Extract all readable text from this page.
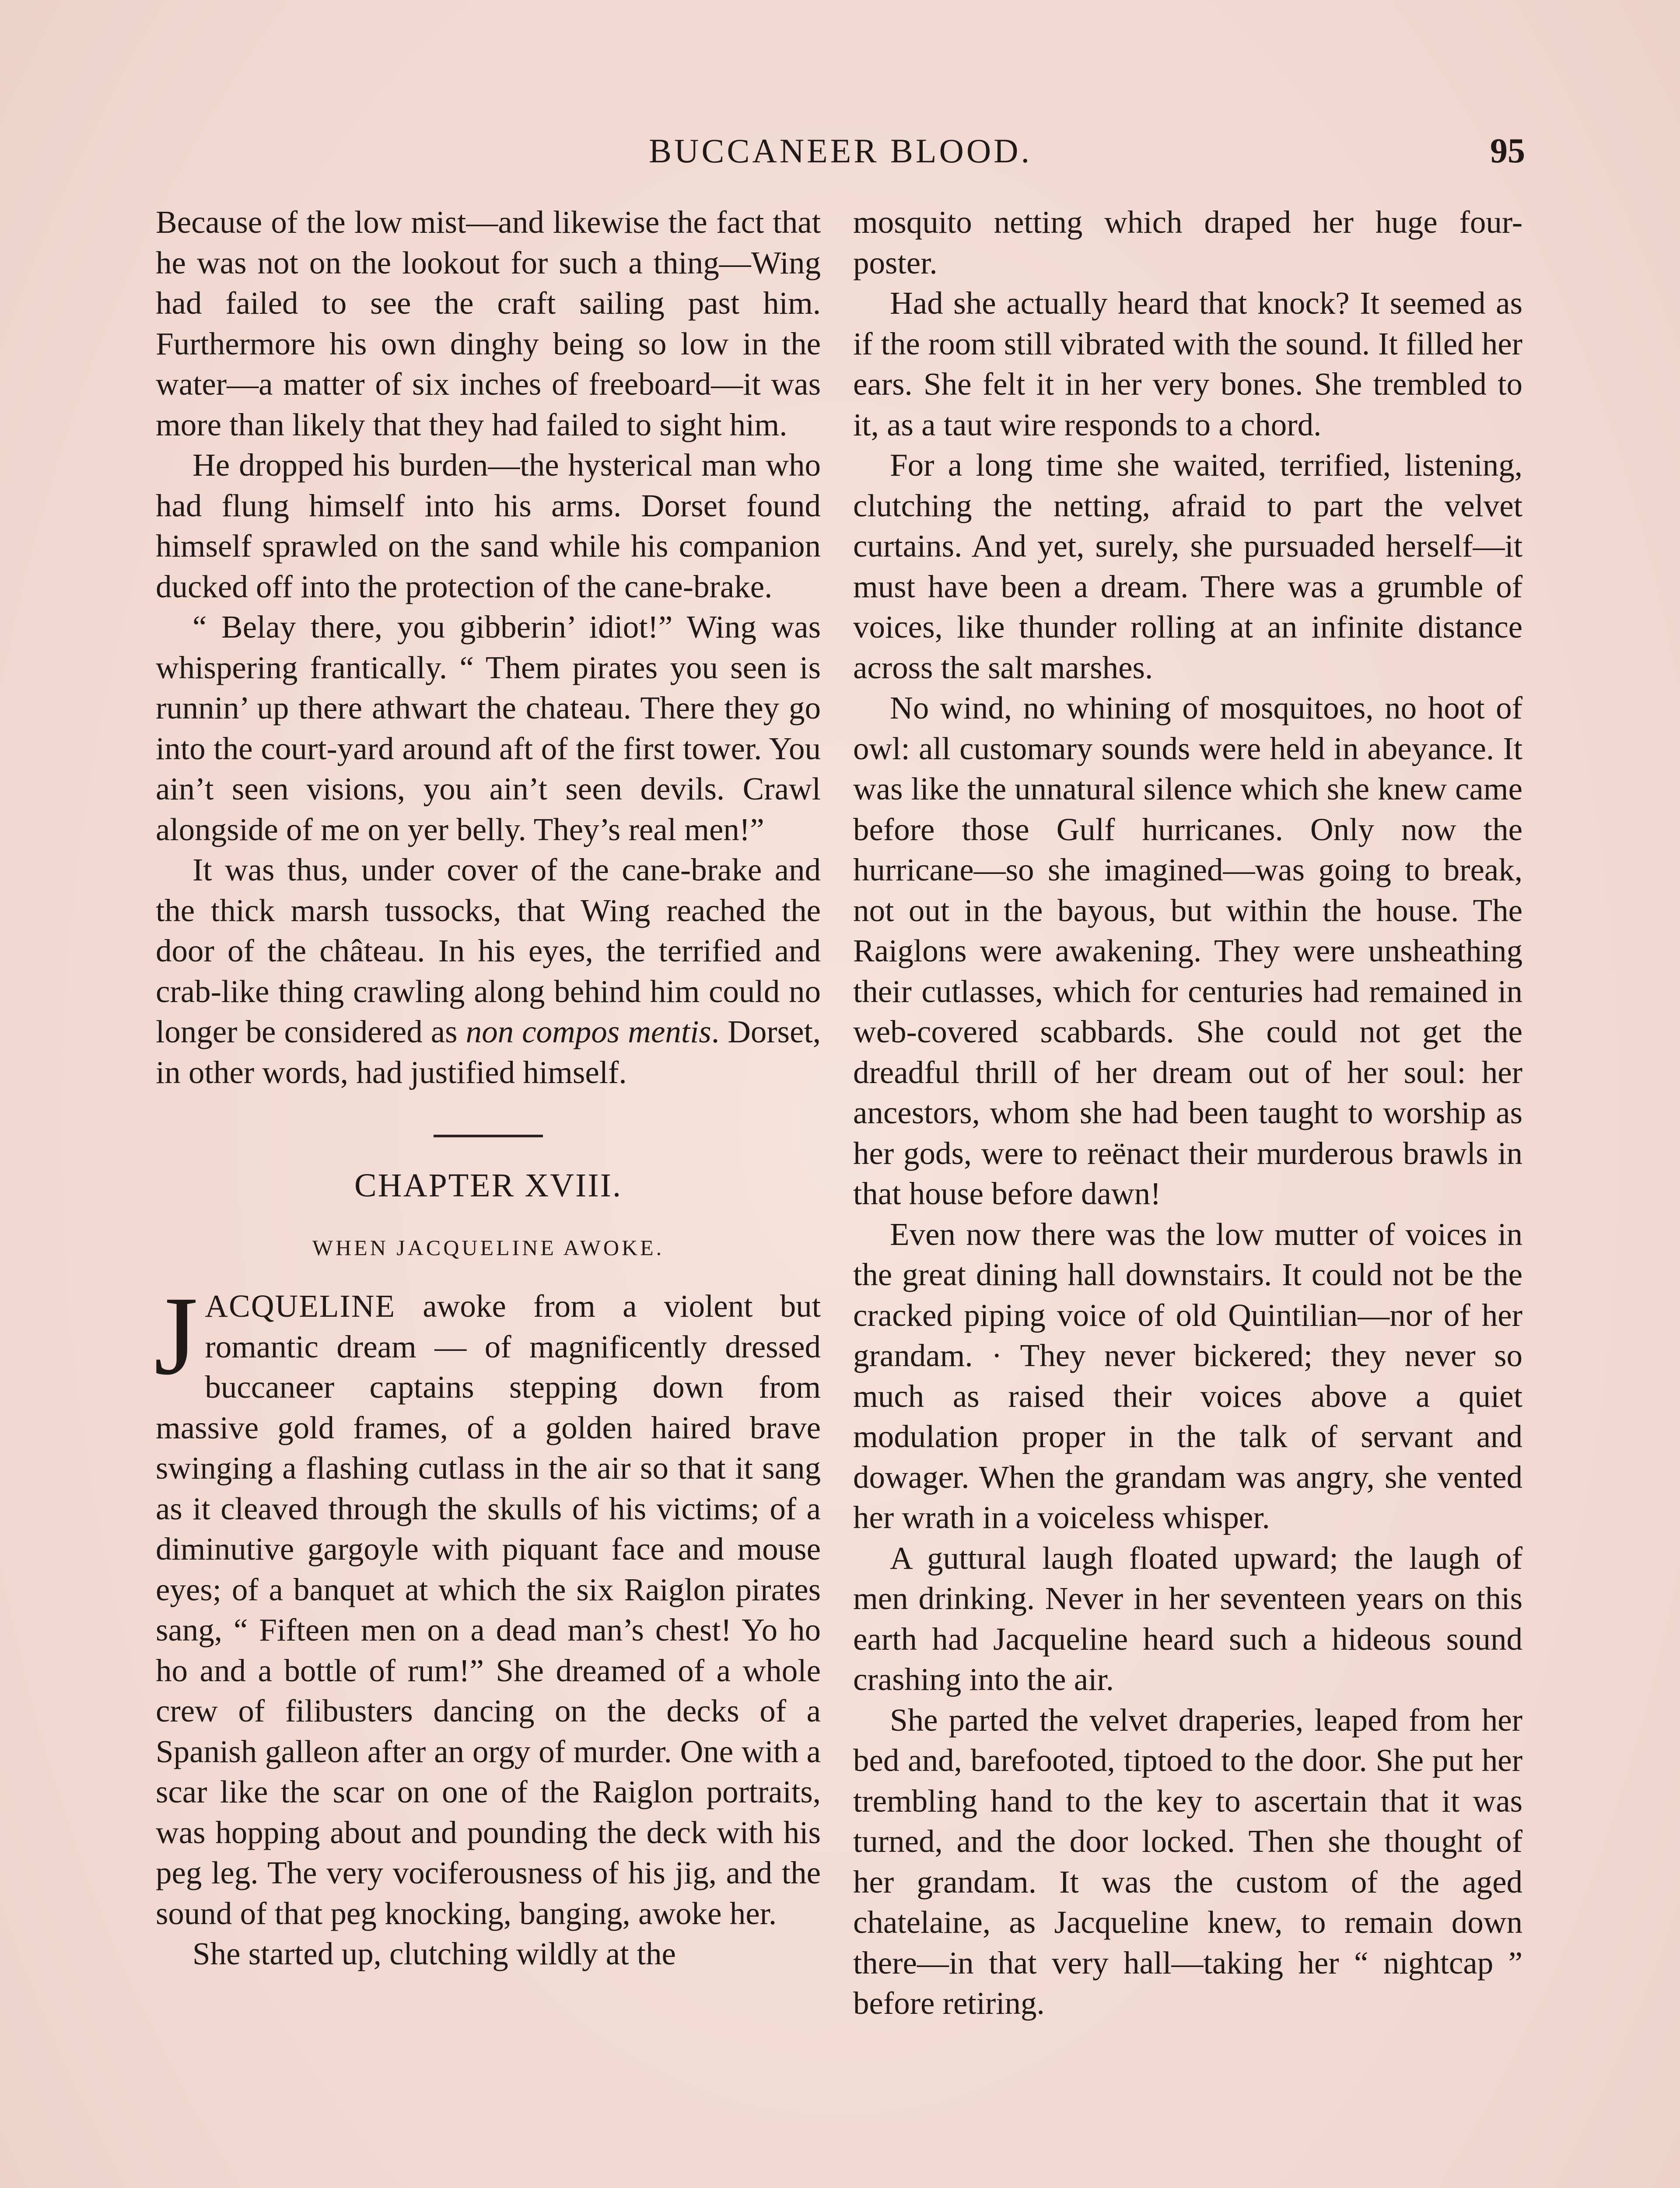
BUCCANEER BLOOD.	95

Because of the low mist—and likewise the fact that he was not on the lookout for such a thing—Wing had failed to see the craft sailing past him. Furthermore his own dinghy being so low in the water—a matter of six inches of freeboard—it was more than likely that they had failed to sight him.

He dropped his burden—the hysterical man who had flung himself into his arms. Dorset found himself sprawled on the sand while his companion ducked off into the protection of the cane-brake.

“ Belay there, you gibberin’ idiot!” Wing was whispering frantically. “ Them pirates you seen is runnin’ up there athwart the chateau. There they go into the court-yard around aft of the first tower. You ain’t seen visions, you ain’t seen devils. Crawl alongside of me on yer belly. They’s real men!”

It was thus, under cover of the cane-brake and the thick marsh tussocks, that Wing reached the door of the château. In his eyes, the terrified and crab-like thing crawling along behind him could no longer be considered as non compos mentis. Dorset, in other words, had justified himself.

CHAPTER XVIII.
WHEN JACQUELINE AWOKE.

JACQUELINE awoke from a violent but romantic dream — of magnificently dressed buccaneer captains stepping down from massive gold frames, of a golden haired brave swinging a flashing cutlass in the air so that it sang as it cleaved through the skulls of his victims; of a diminutive gargoyle with piquant face and mouse eyes; of a banquet at which the six Raiglon pirates sang, “ Fifteen men on a dead man’s chest! Yo ho ho and a bottle of rum!” She dreamed of a whole crew of filibusters dancing on the decks of a Spanish galleon after an orgy of murder. One with a scar like the scar on one of the Raiglon portraits, was hopping about and pounding the deck with his peg leg. The very vociferousness of his jig, and the sound of that peg knocking, banging, awoke her.

She started up, clutching wildly at the

mosquito netting which draped her huge four-poster.

Had she actually heard that knock? It seemed as if the room still vibrated with the sound. It filled her ears. She felt it in her very bones. She trembled to it, as a taut wire responds to a chord.

For a long time she waited, terrified, listening, clutching the netting, afraid to part the velvet curtains. And yet, surely, she pursuaded herself—it must have been a dream. There was a grumble of voices, like thunder rolling at an infinite distance across the salt marshes.

No wind, no whining of mosquitoes, no hoot of owl: all customary sounds were held in abeyance. It was like the unnatural silence which she knew came before those Gulf hurricanes. Only now the hurricane—so she imagined—was going to break, not out in the bayous, but within the house. The Raiglons were awakening. They were unsheathing their cutlasses, which for centuries had remained in web-covered scabbards. She could not get the dreadful thrill of her dream out of her soul: her ancestors, whom she had been taught to worship as her gods, were to reënact their murderous brawls in that house before dawn!

Even now there was the low mutter of voices in the great dining hall downstairs. It could not be the cracked piping voice of old Quintilian—nor of her grandam. · They never bickered; they never so much as raised their voices above a quiet modulation proper in the talk of servant and dowager. When the grandam was angry, she vented her wrath in a voiceless whisper.

A guttural laugh floated upward; the laugh of men drinking. Never in her seventeen years on this earth had Jacqueline heard such a hideous sound crashing into the air.

She parted the velvet draperies, leaped from her bed and, barefooted, tiptoed to the door. She put her trembling hand to the key to ascertain that it was turned, and the door locked. Then she thought of her grandam. It was the custom of the aged chatelaine, as Jacqueline knew, to remain down there—in that very hall—taking her “ nightcap ” before retiring.
